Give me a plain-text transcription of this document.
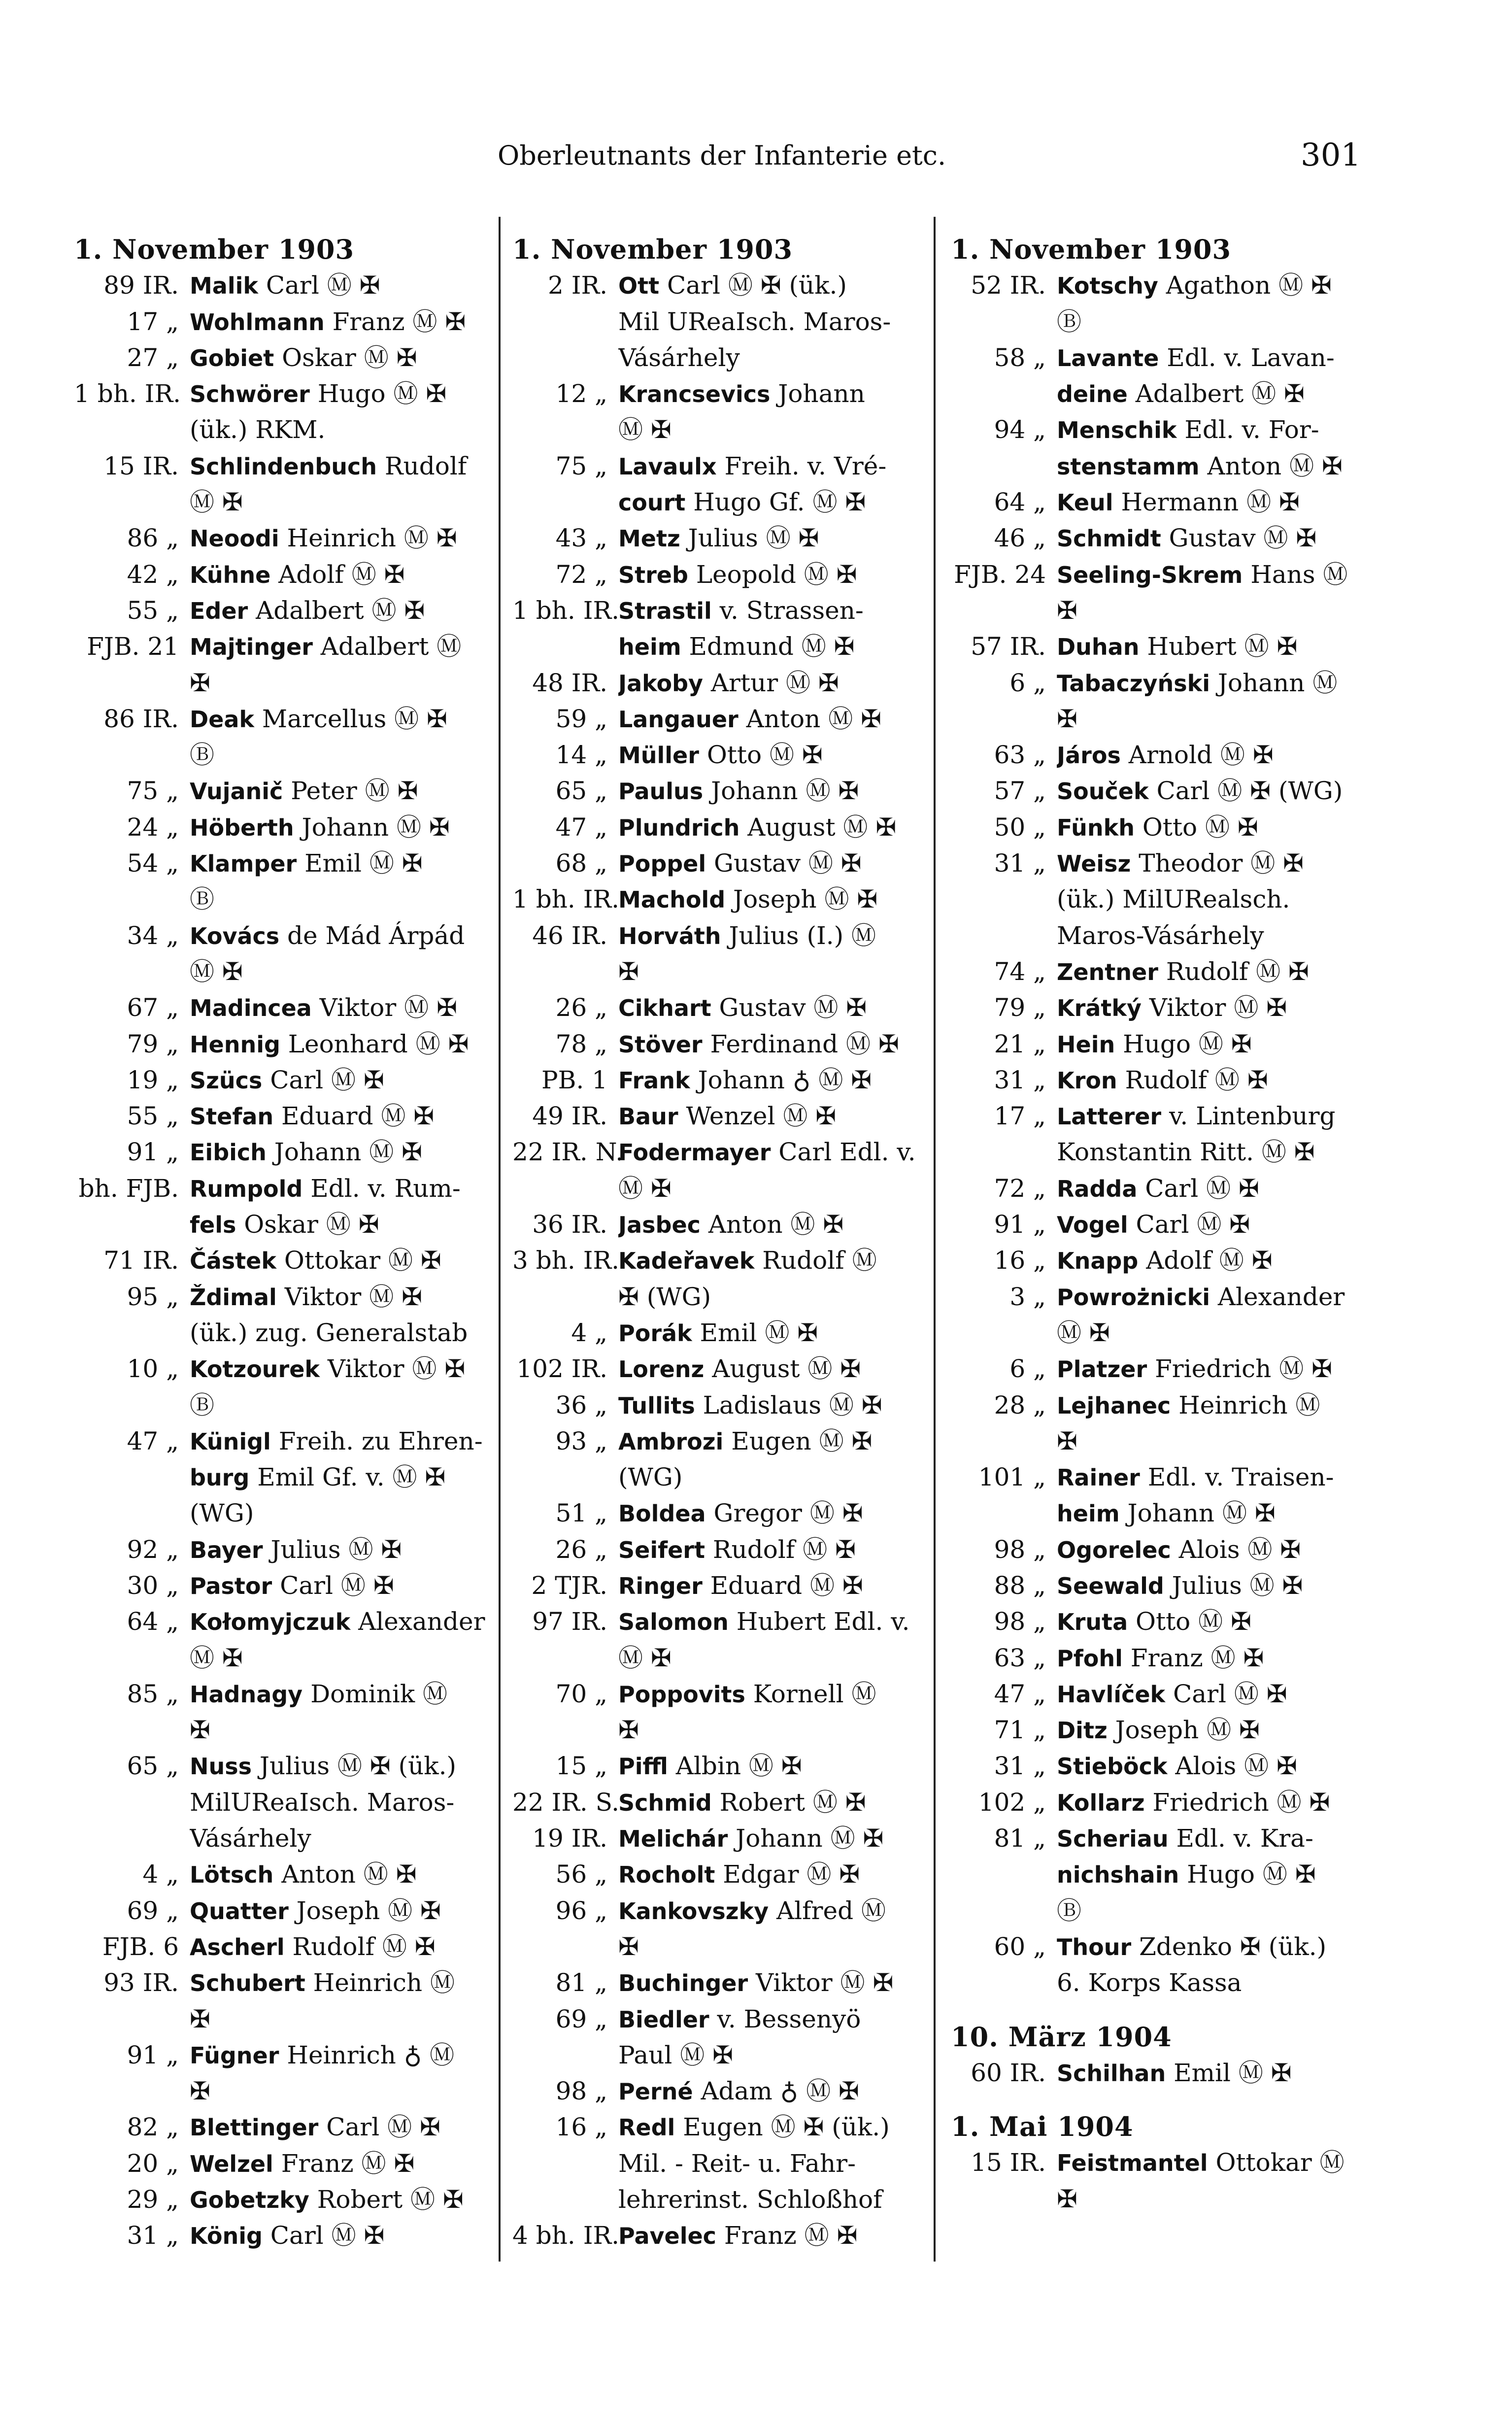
Oberleutnants der Infanterie etc.	301
1. November 1903
89 IR. Malik Carl Ⓜ ✠
17 „ Wohlmann Franz Ⓜ ✠
27 „ Gobiet Oskar Ⓜ ✠
1 bh. IR. Schwörer Hugo Ⓜ ✠
(ük.) RKM.
15 IR. Schlindenbuch Rudolf
Ⓜ ✠
86 „ Neoodi Heinrich Ⓜ ✠
42 „ Kühne Adolf Ⓜ ✠
55 „ Eder Adalbert Ⓜ ✠
FJB. 21 Majtinger Adalbert Ⓜ
✠
86 IR. Deak Marcellus Ⓜ ✠
Ⓑ
75 „ Vujanič Peter Ⓜ ✠
24 „ Höberth Johann Ⓜ ✠
54 „ Klamper Emil Ⓜ ✠
Ⓑ
34 „ Kovács de Mád Árpád
Ⓜ ✠
67 „ Madincea Viktor Ⓜ ✠
79 „ Hennig Leonhard Ⓜ ✠
19 „ Szücs Carl Ⓜ ✠
55 „ Stefan Eduard Ⓜ ✠
91 „ Eibich Johann Ⓜ ✠
bh. FJB. Rumpold Edl. v. Rum-
fels Oskar Ⓜ ✠
71 IR. Částek Ottokar Ⓜ ✠
95 „ Ždimal Viktor Ⓜ ✠
(ük.) zug. Generalstab
10 „ Kotzourek Viktor Ⓜ ✠
Ⓑ
47 „ Künigl Freih. zu Ehren-
burg Emil Gf. v. Ⓜ ✠
(WG)
92 „ Bayer Julius Ⓜ ✠
30 „ Pastor Carl Ⓜ ✠
64 „ Kołomyjczuk Alexander
Ⓜ ✠
85 „ Hadnagy Dominik Ⓜ
✠
65 „ Nuss Julius Ⓜ ✠ (ük.)
MilUReaIsch. Maros-
Vásárhely
4 „ Lötsch Anton Ⓜ ✠
69 „ Quatter Joseph Ⓜ ✠
FJB. 6 Ascherl Rudolf Ⓜ ✠
93 IR. Schubert Heinrich Ⓜ
✠
91 „ Fügner Heinrich ♁ Ⓜ
✠
82 „ Blettinger Carl Ⓜ ✠
20 „ Welzel Franz Ⓜ ✠
29 „ Gobetzky Robert Ⓜ ✠
31 „ König Carl Ⓜ ✠
1. November 1903
2 IR. Ott Carl Ⓜ ✠ (ük.)
Mil UReaIsch. Maros-
Vásárhely
12 „ Krancsevics Johann
Ⓜ ✠
75 „ Lavaulx Freih. v. Vré-
court Hugo Gf. Ⓜ ✠
43 „ Metz Julius Ⓜ ✠
72 „ Streb Leopold Ⓜ ✠
1 bh. IR.
Strastil v. Strassen-
heim Edmund Ⓜ ✠
48 IR. Jakoby Artur Ⓜ ✠
59 „ Langauer Anton Ⓜ ✠
14 „ Müller Otto Ⓜ ✠
65 „ Paulus Johann Ⓜ ✠
47 „ Plundrich August Ⓜ ✠
68 „ Poppel Gustav Ⓜ ✠
1 bh. IR.
Machold Joseph Ⓜ ✠
46 IR. Horváth Julius (I.) Ⓜ
✠
26 „ Cikhart Gustav Ⓜ ✠
78 „ Stöver Ferdinand Ⓜ ✠
PB. 1 Frank Johann ♁ Ⓜ ✠
49 IR. Baur Wenzel Ⓜ ✠
22 IR. N.
Fodermayer Carl Edl. v.
Ⓜ ✠
36 IR. Jasbec Anton Ⓜ ✠
3 bh. IR.
Kadeřavek Rudolf Ⓜ
✠ (WG)
4 „ Porák Emil Ⓜ ✠
102 IR. Lorenz August Ⓜ ✠
36 „ Tullits Ladislaus Ⓜ ✠
93 „ Ambrozi Eugen Ⓜ ✠
(WG)
51 „ Boldea Gregor Ⓜ ✠
26 „ Seifert Rudolf Ⓜ ✠
2 TJR. Ringer Eduard Ⓜ ✠
97 IR. Salomon Hubert Edl. v.
Ⓜ ✠
70 „ Poppovits Kornell Ⓜ
✠
15 „ Piffl Albin Ⓜ ✠
22 IR. S.
Schmid Robert Ⓜ ✠
19 IR. Melichár Johann Ⓜ ✠
56 „ Rocholt Edgar Ⓜ ✠
96 „ Kankovszky Alfred Ⓜ
✠
81 „ Buchinger Viktor Ⓜ ✠
69 „ Biedler v. Bessenyö
Paul Ⓜ ✠
98 „ Perné Adam ♁ Ⓜ ✠
16 „ Redl Eugen Ⓜ ✠ (ük.)
Mil. - Reit- u. Fahr-
lehrerinst. Schloßhof
4 bh. IR.
Pavelec Franz Ⓜ ✠
1. November 1903
52 IR. Kotschy Agathon Ⓜ ✠
Ⓑ
58 „ Lavante Edl. v. Lavan-
deine Adalbert Ⓜ ✠
94 „ Menschik Edl. v. For-
stenstamm Anton Ⓜ ✠
64 „ Keul Hermann Ⓜ ✠
46 „ Schmidt Gustav Ⓜ ✠
FJB. 24 Seeling-Skrem Hans Ⓜ
✠
57 IR. Duhan Hubert Ⓜ ✠
6 „ Tabaczyński Johann Ⓜ
✠
63 „ Járos Arnold Ⓜ ✠
57 „ Souček Carl Ⓜ ✠ (WG)
50 „ Fünkh Otto Ⓜ ✠
31 „ Weisz Theodor Ⓜ ✠
(ük.) MilURealsch.
Maros-Vásárhely
74 „ Zentner Rudolf Ⓜ ✠
79 „ Krátký Viktor Ⓜ ✠
21 „ Hein Hugo Ⓜ ✠
31 „ Kron Rudolf Ⓜ ✠
17 „ Latterer v. Lintenburg
Konstantin Ritt. Ⓜ ✠
72 „ Radda Carl Ⓜ ✠
91 „ Vogel Carl Ⓜ ✠
16 „ Knapp Adolf Ⓜ ✠
3 „ Powrożnicki Alexander
Ⓜ ✠
6 „ Platzer Friedrich Ⓜ ✠
28 „ Lejhanec Heinrich Ⓜ
✠
101 „ Rainer Edl. v. Traisen-
heim Johann Ⓜ ✠
98 „ Ogorelec Alois Ⓜ ✠
88 „ Seewald Julius Ⓜ ✠
98 „ Kruta Otto Ⓜ ✠
63 „ Pfohl Franz Ⓜ ✠
47 „ Havlíček Carl Ⓜ ✠
71 „ Ditz Joseph Ⓜ ✠
31 „ Stieböck Alois Ⓜ ✠
102 „ Kollarz Friedrich Ⓜ ✠
81 „ Scheriau Edl. v. Kra-
nichshain Hugo Ⓜ ✠
Ⓑ
60 „ Thour Zdenko ✠ (ük.)
6. Korps Kassa
10. März 1904
60 IR. Schilhan Emil Ⓜ ✠
1. Mai 1904
15 IR. Feistmantel Ottokar Ⓜ
✠
